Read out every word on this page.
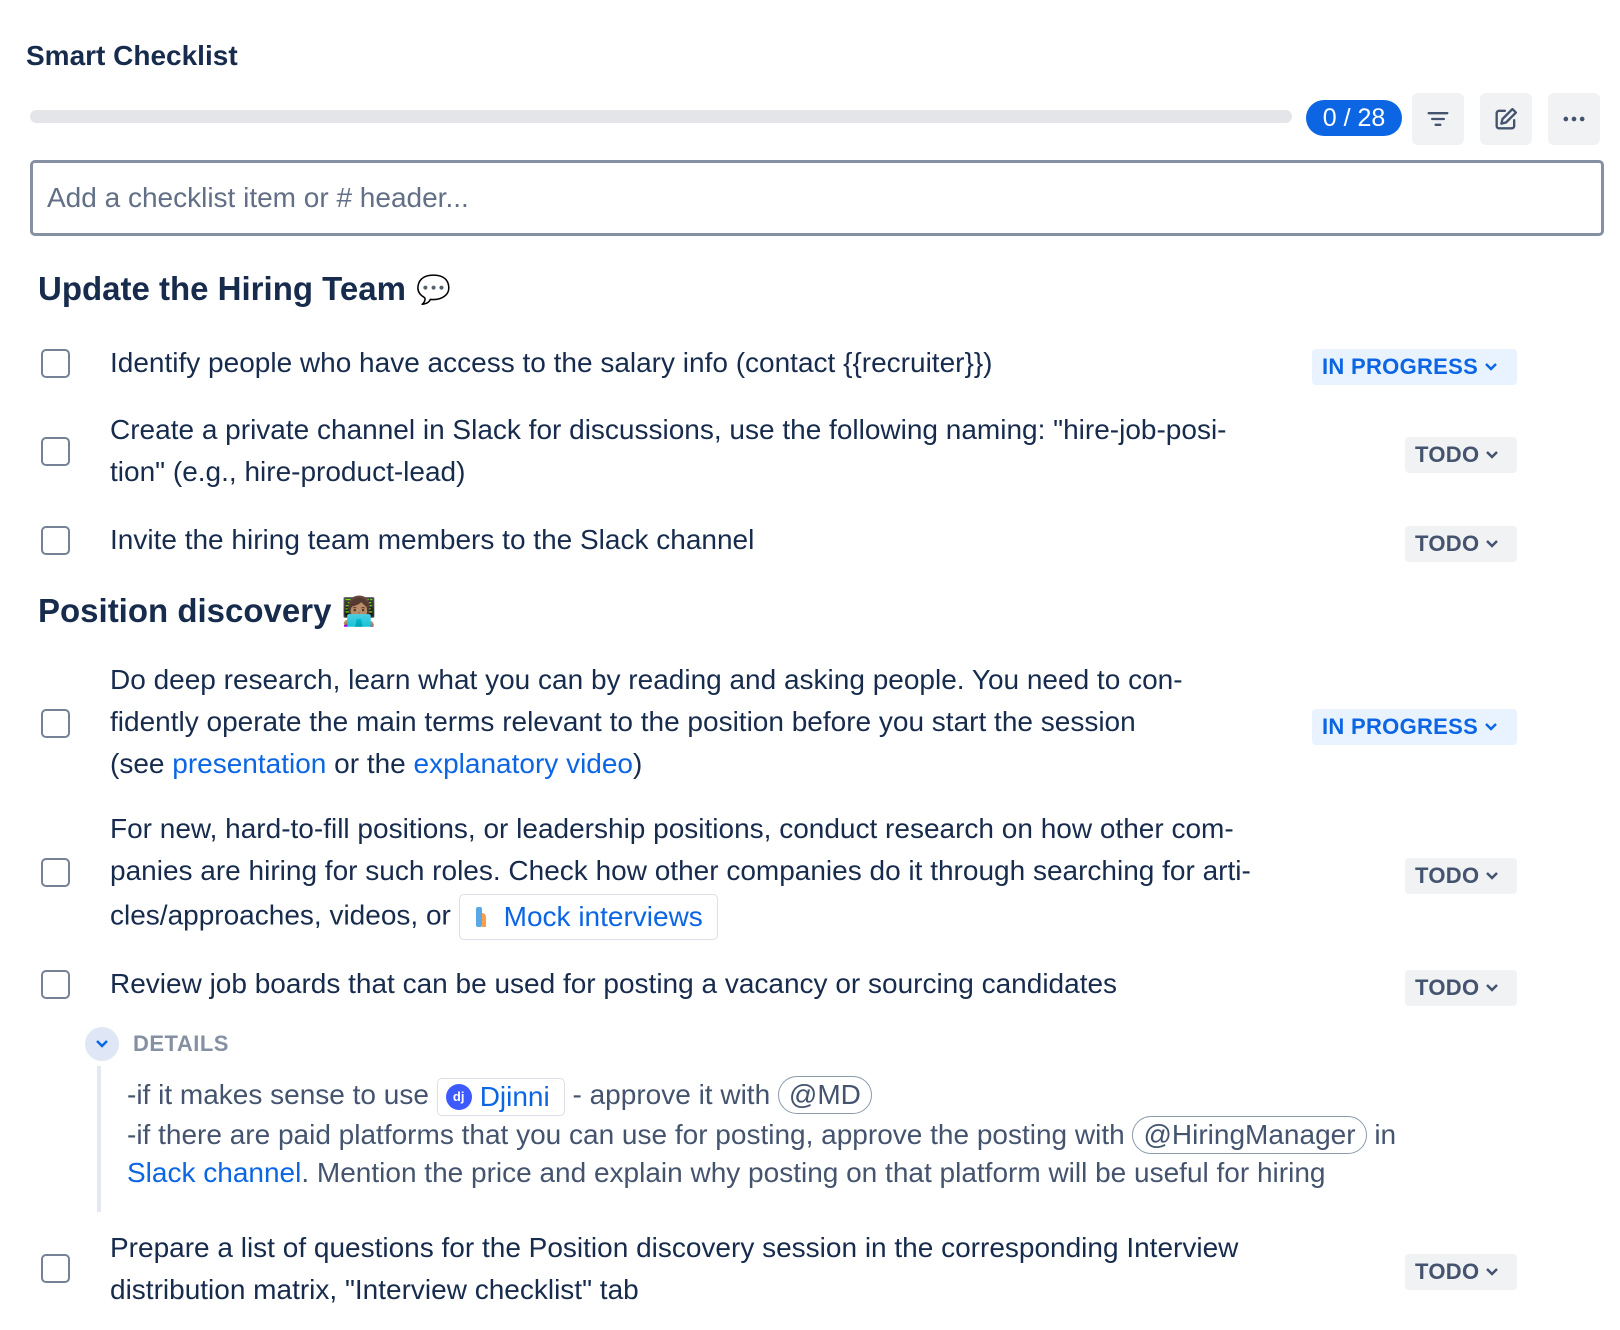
Smart Checklist
0 / 28
Add a checklist item or # header...
Update the Hiring Team 💬
Identify people who have access to the salary info (contact {{recruiter}})	IN PROGRESS
Create a private channel in Slack for discussions, use the following naming: "hire-job-posi-
tion" (e.g., hire-product-lead)
TODO
Invite the hiring team members to the Slack channel	TODO
Position discovery 👩🏽‍💻
Do deep research, learn what you can by reading and asking people. You need to con-
fidently operate the main terms relevant to the position before you start the session
(see presentation or the explanatory video)
IN PROGRESS
For new, hard-to-fill positions, or leadership positions, conduct research on how other com-
panies are hiring for such roles. Check how other companies do it through searching for arti-
cles/approaches, videos, or Mock interviews
TODO
Review job boards that can be used for posting a vacancy or sourcing candidates	TODO
DETAILS
-if it makes sense to use	dj Djinni - approve it with @MD
-if there are paid platforms that you can use for posting, approve the posting with @HiringManager in
Slack channel. Mention the price and explain why posting on that platform will be useful for hiring
Prepare a list of questions for the Position discovery session in the corresponding Interview
distribution matrix, "Interview checklist" tab
TODO
